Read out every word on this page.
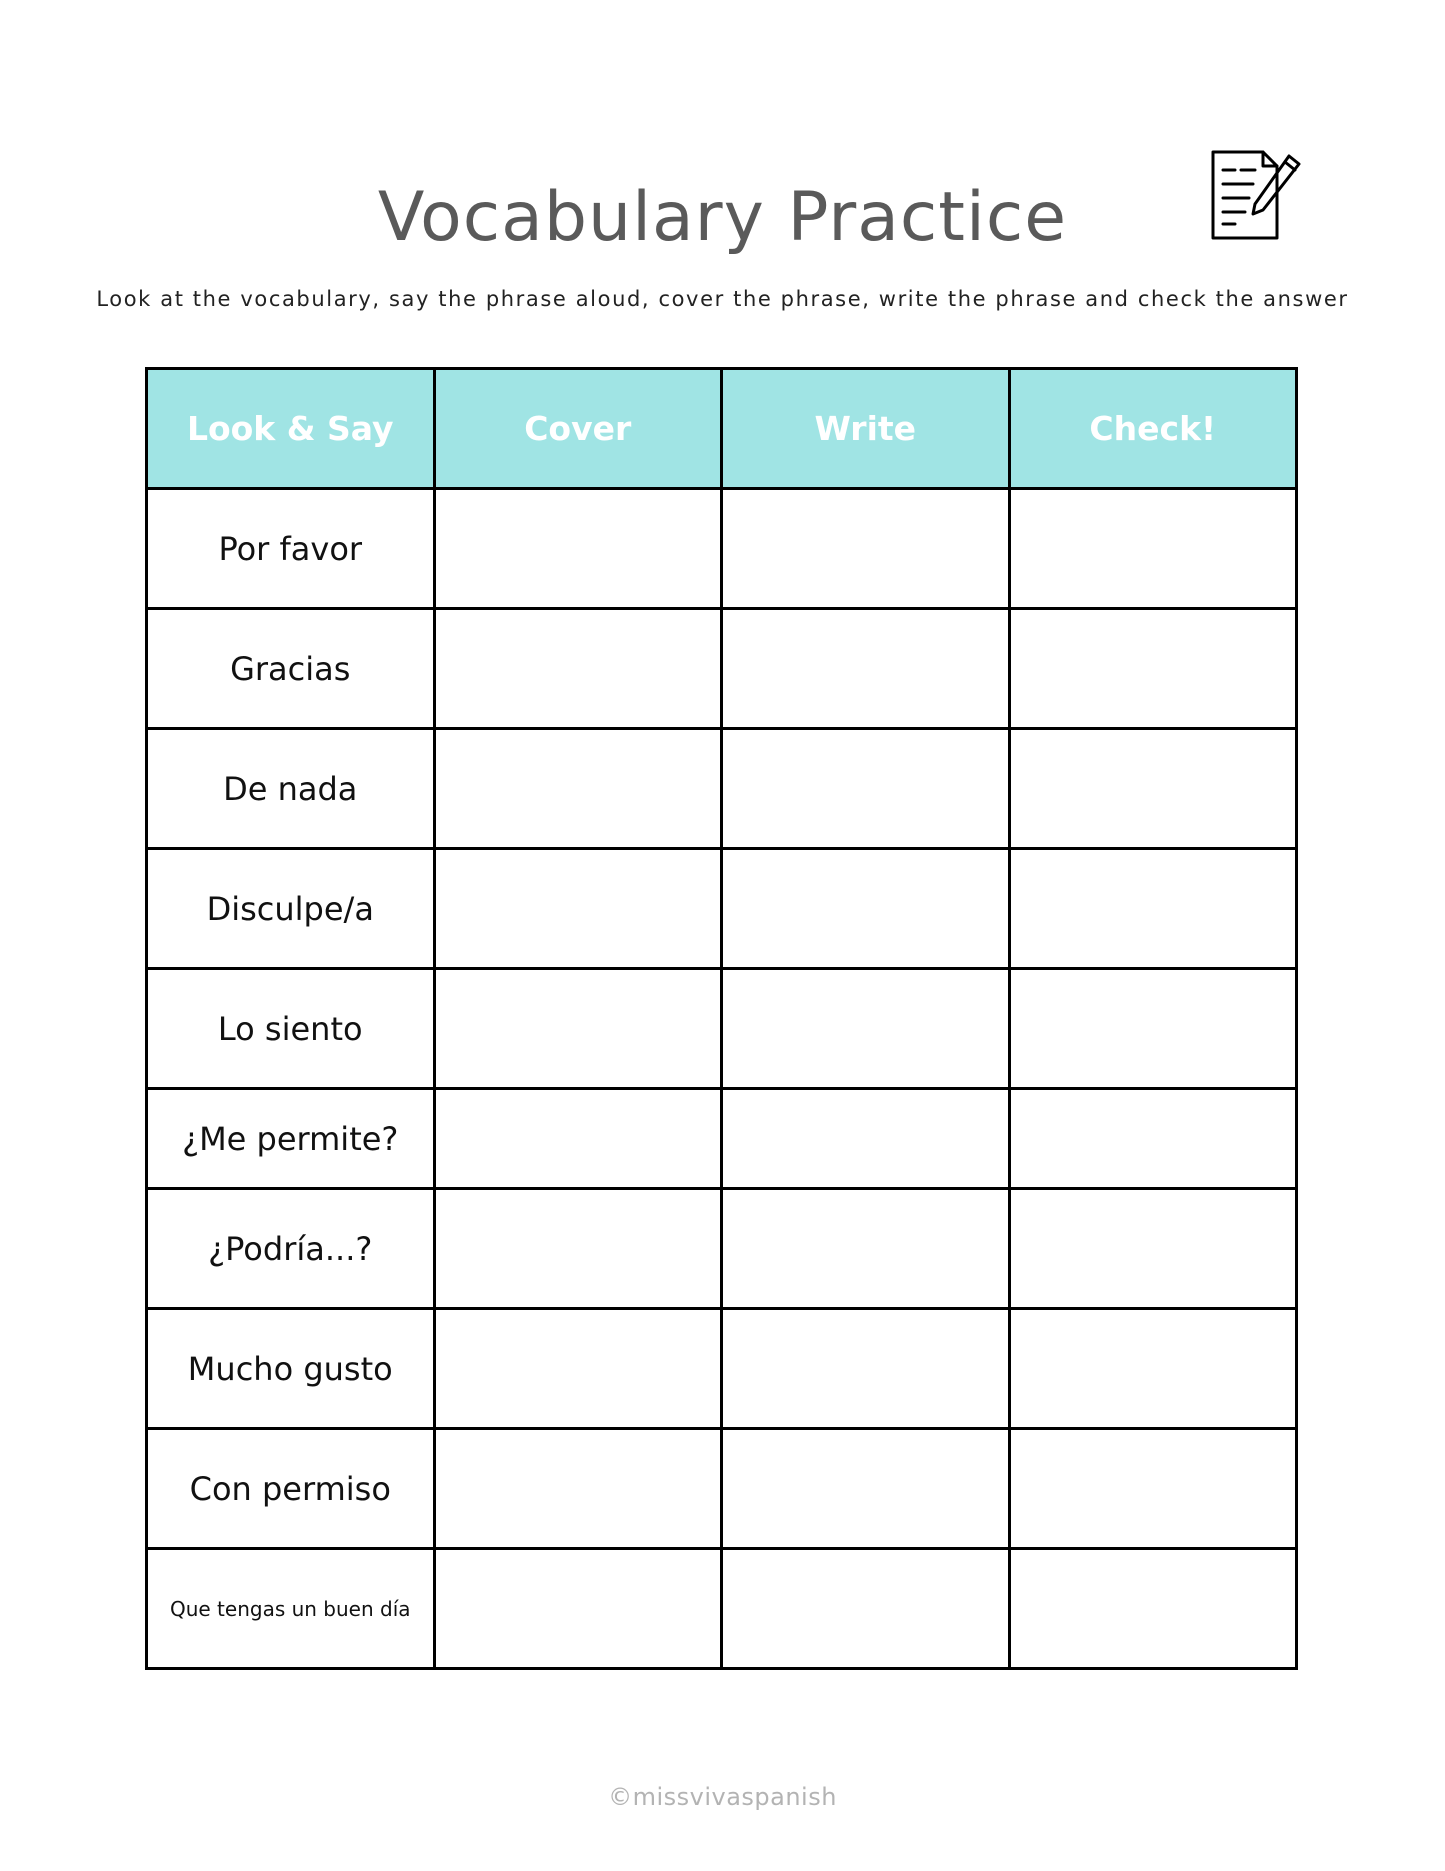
Vocabulary Practice

Look at the vocabulary, say the phrase aloud, cover the phrase, write the phrase and check the answer

Look & Say	Cover	Write	Check!
Por favor			
Gracias			
De nada			
Disculpe/a			
Lo siento			
¿Me permite?			
¿Podría...?			
Mucho gusto			
Con permiso			
Que tengas un buen día			

©missvivaspanish
